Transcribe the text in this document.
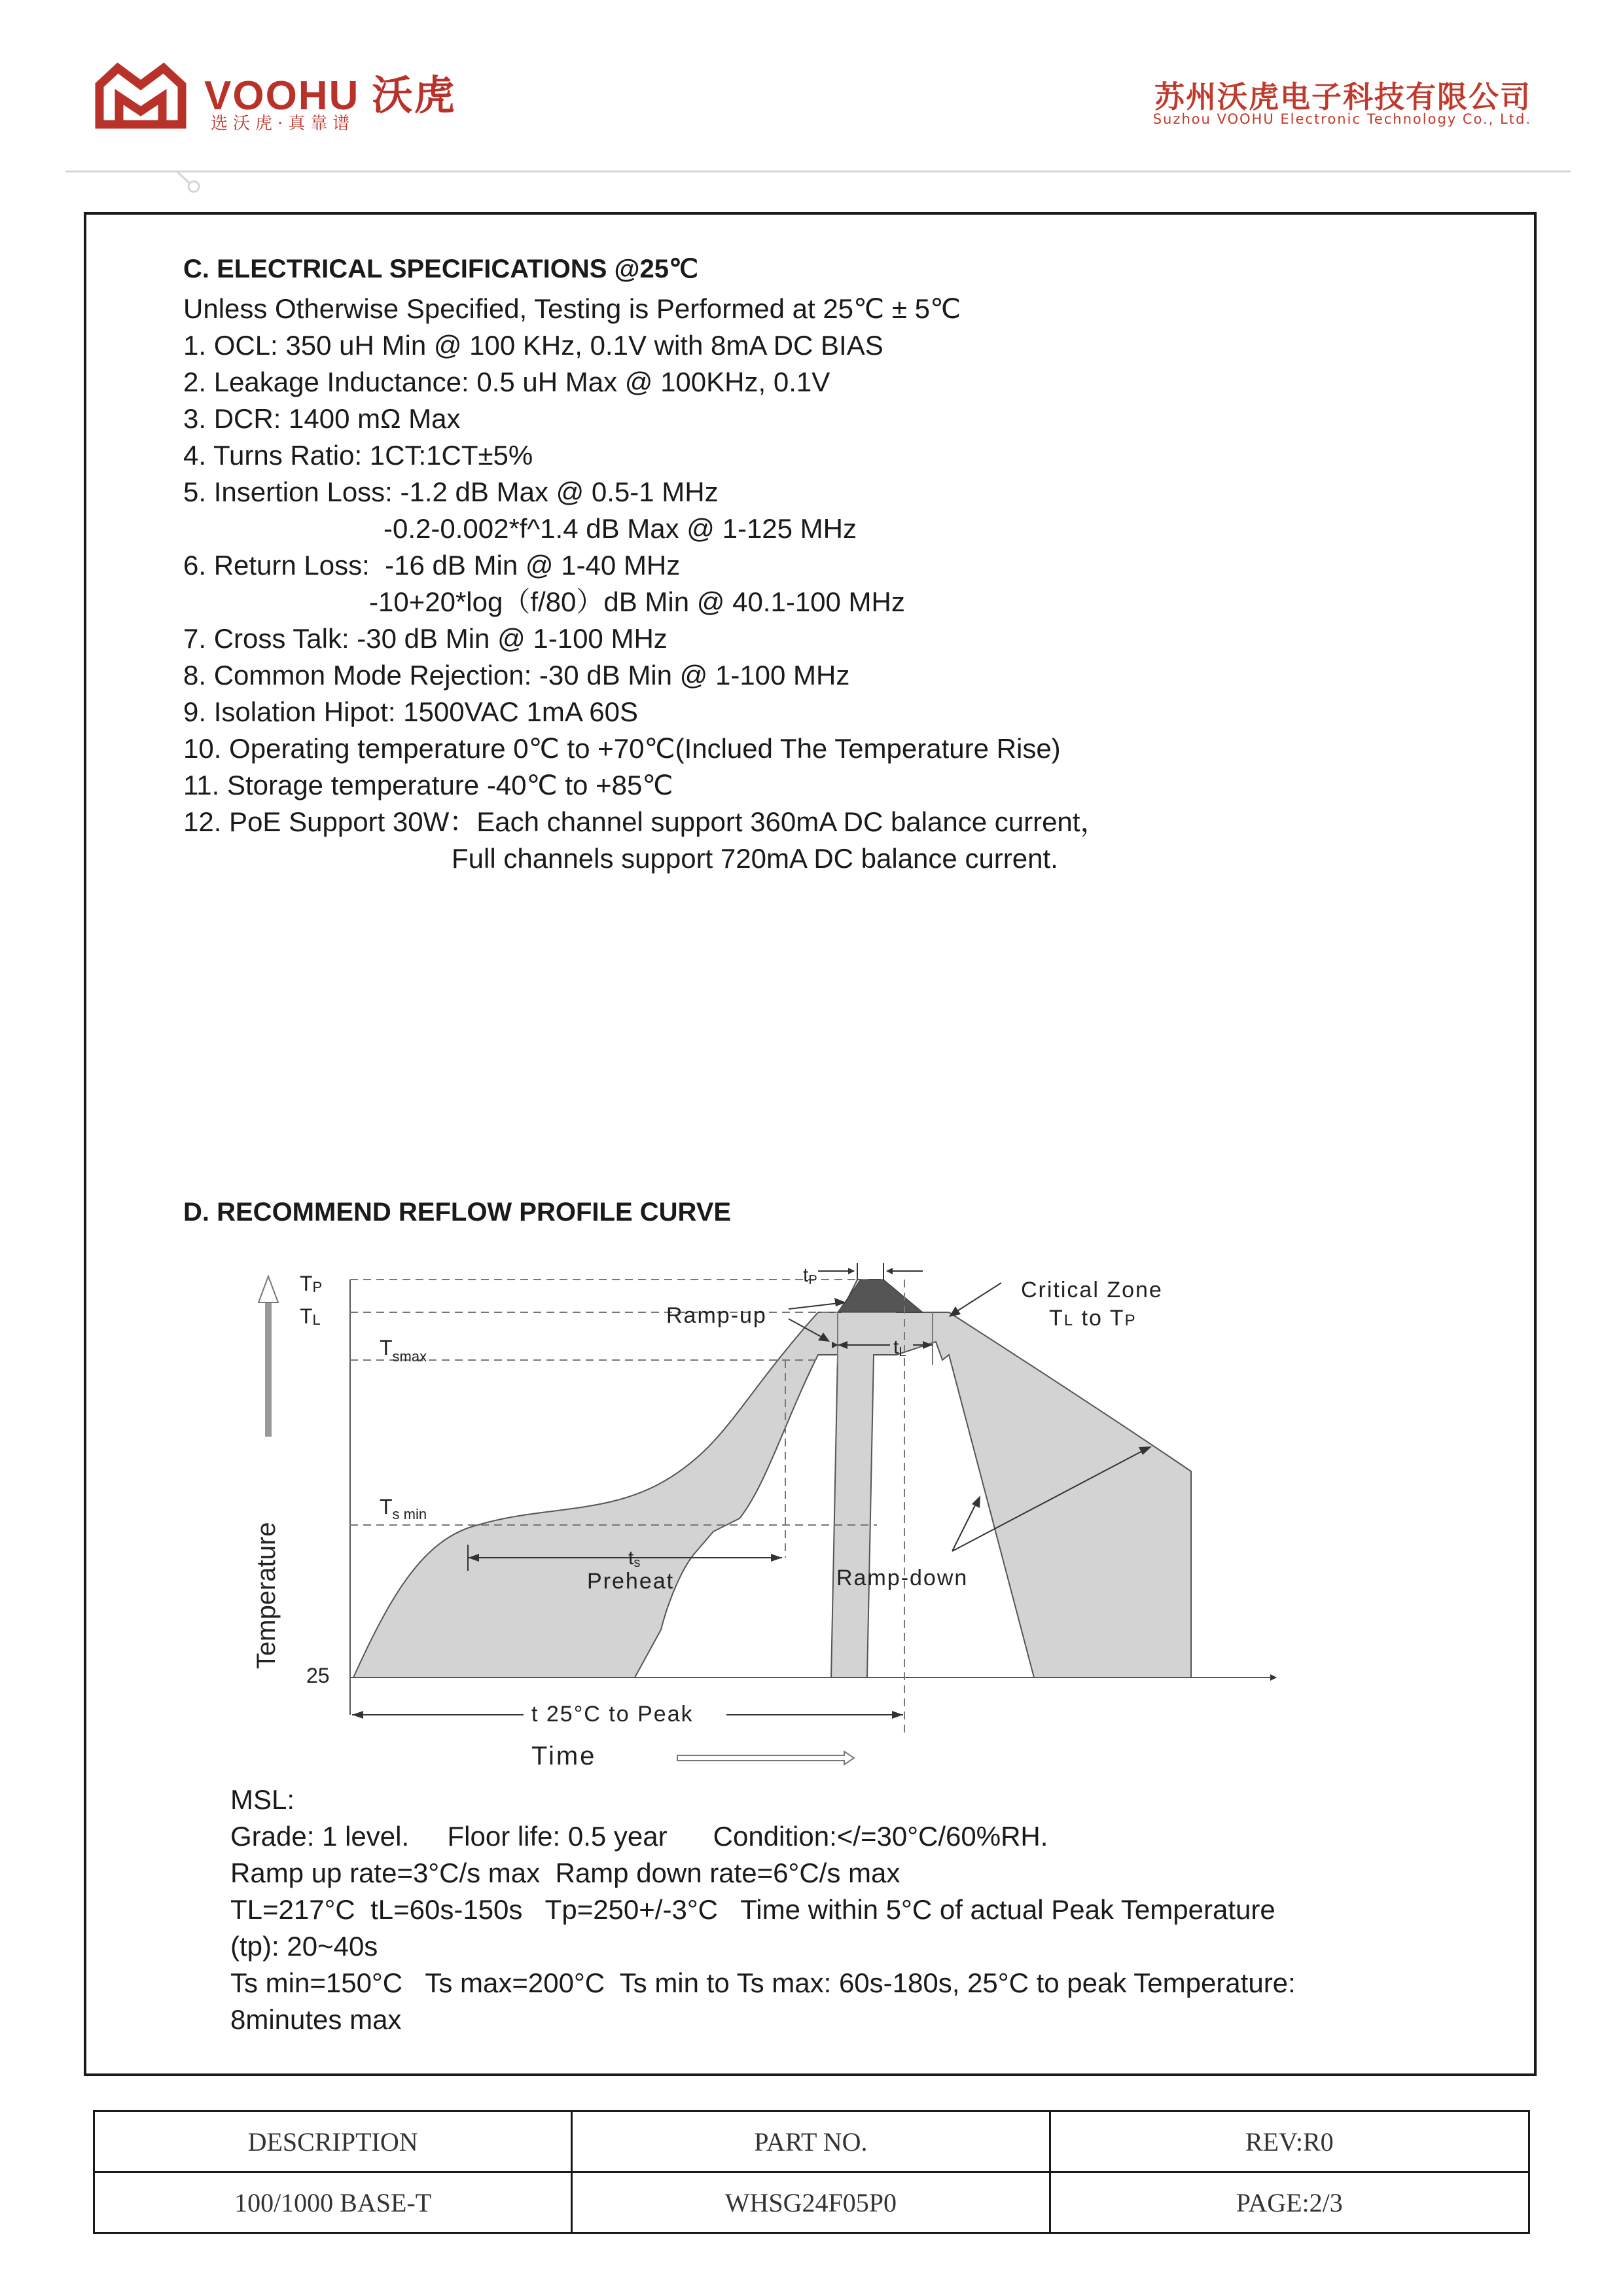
VOOHU 沃虎
选沃虎·真靠谱
苏州沃虎电子科技有限公司
Suzhou VOOHU Electronic Technology Co., Ltd.
C. ELECTRICAL SPECIFICATIONS @25℃
Unless Otherwise Specified, Testing is Performed at 25℃ ± 5℃
1. OCL: 350 uH Min @ 100 KHz, 0.1V with 8mA DC BIAS
2. Leakage Inductance: 0.5 uH Max @ 100KHz, 0.1V
3. DCR: 1400 mΩ Max
4. Turns Ratio: 1CT:1CT±5%
5. Insertion Loss: -1.2 dB Max @ 0.5-1 MHz
-0.2-0.002*f^1.4 dB Max @ 1-125 MHz
6. Return Loss:  -16 dB Min @ 1-40 MHz
-10+20*log（f/80）dB Min @ 40.1-100 MHz
7. Cross Talk: -30 dB Min @ 1-100 MHz
8. Common Mode Rejection: -30 dB Min @ 1-100 MHz
9. Isolation Hipot: 1500VAC 1mA 60S
10. Operating temperature 0℃ to +70℃(Inclued The Temperature Rise)
11. Storage temperature -40℃ to +85℃
12. PoE Support 30W：Each channel support 360mA DC balance current，
Full channels support 720mA DC balance current.
D. RECOMMEND REFLOW PROFILE CURVE
TP
TL
$T_{smax}$
$T_{s min}$
25
Temperature
tP
tL
ts
Preheat
Ramp-up
Critical Zone
TL to TP
Ramp-down
t 25°C to Peak
Time
MSL:
Grade: 1 level.     Floor life: 0.5 year      Condition:</=30°C/60%RH.
Ramp up rate=3°C/s max  Ramp down rate=6°C/s max
TL=217°C  tL=60s-150s   Tp=250+/-3°C   Time within 5°C of actual Peak Temperature
(tp): 20~40s
Ts min=150°C   Ts max=200°C  Ts min to Ts max: 60s-180s, 25°C to peak Temperature:
8minutes max
DESCRIPTION	PART NO.	REV:R0
100/1000 BASE-T	WHSG24F05P0	PAGE:2/3
